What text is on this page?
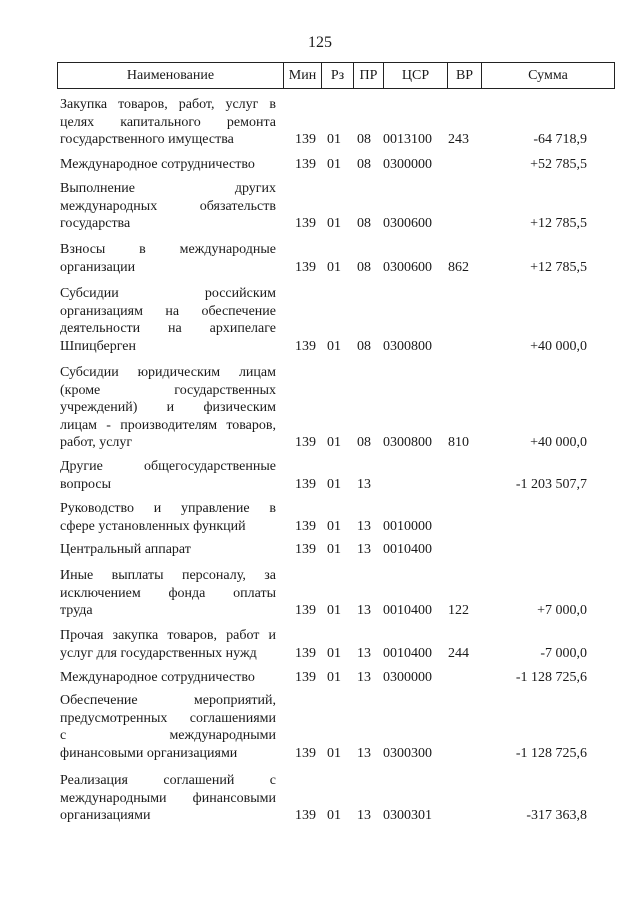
125
Наименование	Мин	Рз	ПР	ЦСР	ВР	Сумма
Закупка товаров, работ, услуг в
целях капитального ремонта
государственного имущества	139 01 08 0013100 243	-64 718,9
Международное сотрудничество	139 01 08 0300000	+52 785,5
Выполнение других
международных обязательств
государства	139 01 08 0300600	+12 785,5
Взносы в международные
организации	139 01 08 0300600 862	+12 785,5
Субсидии российским
организациям на обеспечение
деятельности на архипелаге
Шпицберген	139 01 08 0300800	+40 000,0
Субсидии юридическим лицам
(кроме государственных
учреждений) и физическим
лицам - производителям товаров,
работ, услуг	139 01 08 0300800 810	+40 000,0
Другие общегосударственные
вопросы	139 01 13	-1 203 507,7
Руководство и управление в
сфере установленных функций	139 01 13 0010000
Центральный аппарат	139 01 13 0010400
Иные выплаты персоналу, за
исключением фонда оплаты
труда	139 01 13 0010400 122	+7 000,0
Прочая закупка товаров, работ и
услуг для государственных нужд	139 01 13 0010400 244	-7 000,0
Международное сотрудничество	139 01 13 0300000	-1 128 725,6
Обеспечение мероприятий,
предусмотренных соглашениями
с международными
финансовыми организациями	139 01 13 0300300	-1 128 725,6
Реализация соглашений с
международными финансовыми
организациями	139 01 13 0300301	-317 363,8
